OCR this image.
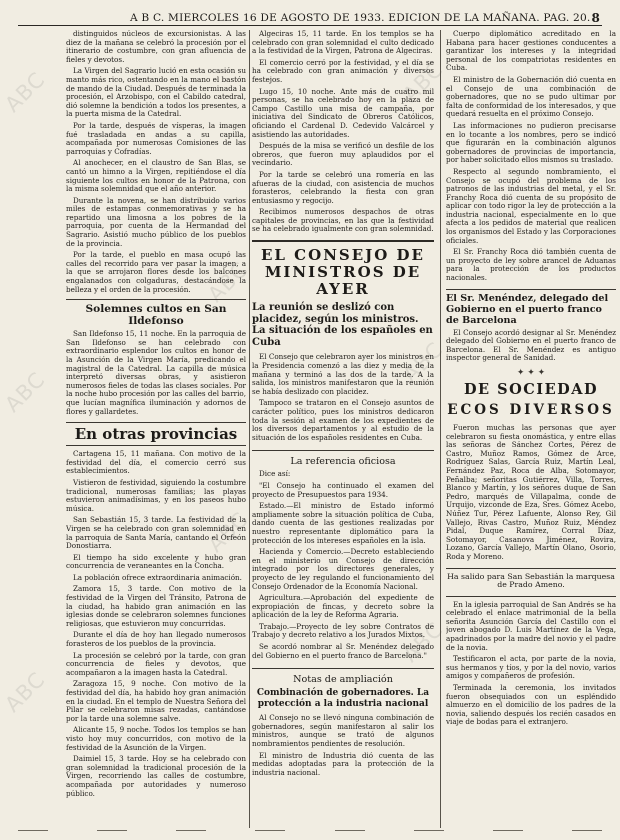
ABC
ABC
ABC
ABC
ABC
ABC
ABC
ABC
A B C. MIERCOLES 16 DE AGOSTO DE 1933. EDICION DE LA MAÑANA. PAG. 20. 8

distinguidos núcleos de excursionistas. A las diez de la mañana se celebró la procesión por el itinerario de costumbre, con gran afluencia de fieles y devotos.

La Virgen del Sagrario lució en esta ocasión su manto más rico, ostentando en la mano el bastón de mando de la Ciudad. Después de terminada la procesión, el Arzobispo, con el Cabildo catedral, dió solemne la bendición a todos los presentes, a la puerta misma de la Catedral.

Por la tarde, después de vísperas, la imagen fué trasladada en andas a su capilla, acompañada por numerosas Comisiones de las parroquias y Cofradías.

Al anochecer, en el claustro de San Blas, se cantó un himno a la Virgen, repitiéndose el día siguiente los cultos en honor de la Patrona, con la misma solemnidad que el año anterior.

Durante la novena, se han distribuido varios miles de estampas conmemorativas y se ha repartido una limosna a los pobres de la parroquia, por cuenta de la Hermandad del Sagrario. Asistió mucho público de los pueblos de la provincia.

Por la tarde, el pueblo en masa ocupó las calles del recorrido para ver pasar la imagen, a la que se arrojaron flores desde los balcones engalanados con colgaduras, destacándose la belleza y el orden de la procesión.

Solemnes cultos en San Ildefonso

San Ildefonso 15, 11 noche. En la parroquia de San Ildefonso se han celebrado con extraordinario esplendor los cultos en honor de la Asunción de la Virgen María, predicando el magistral de la Catedral. La capilla de música interpretó diversas obras, y asistieron numerosos fieles de todas las clases sociales. Por la noche hubo procesión por las calles del barrio, que lucían magnífica iluminación y adornos de flores y gallardetes.

En otras provincias

Cartagena 15, 11 mañana. Con motivo de la festividad del día, el comercio cerró sus establecimientos.

Vistieron de festividad, siguiendo la costumbre tradicional, numerosas familias; las playas estuvieron animadísimas, y en los paseos hubo música.

San Sebastián 15, 3 tarde. La festividad de la Virgen se ha celebrado con gran solemnidad en la parroquia de Santa María, cantando el Orfeón Donostiarra.

El tiempo ha sido excelente y hubo gran concurrencia de veraneantes en la Concha.

La población ofrece extraordinaria animación.

Zamora 15, 3 tarde. Con motivo de la festividad de la Virgen del Tránsito, Patrona de la ciudad, ha habido gran animación en las iglesias donde se celebraron solemnes funciones religiosas, que estuvieron muy concurridas.

Durante el día de hoy han llegado numerosos forasteros de los pueblos de la provincia.

La procesión se celebró por la tarde, con gran concurrencia de fieles y devotos, que acompañaron a la imagen hasta la Catedral.

Zaragoza 15, 9 noche. Con motivo de la festividad del día, ha habido hoy gran animación en la ciudad. En el templo de Nuestra Señora del Pilar se celebraron misas rezadas, cantándose por la tarde una solemne salve.

Alicante 15, 9 noche. Todos los templos se han visto hoy muy concurridos, con motivo de la festividad de la Asunción de la Virgen.

Daimiel 15, 3 tarde. Hoy se ha celebrado con gran solemnidad la tradicional procesión de la Virgen, recorriendo las calles de costumbre, acompañada por autoridades y numeroso público.

Algeciras 15, 11 tarde. En los templos se ha celebrado con gran solemnidad el culto dedicado a la festividad de la Virgen, Patrona de Algeciras.

El comercio cerró por la festividad, y el día se ha celebrado con gran animación y diversos festejos.

Lugo 15, 10 noche. Ante más de cuatro mil personas, se ha celebrado hoy en la plaza de Campo Castillo una misa de campaña, por iniciativa del Sindicato de Obreros Católicos, oficiando el Cardenal D. Cedevido Valcárcel y asistiendo las autoridades.

Después de la misa se verificó un desfile de los obreros, que fueron muy aplaudidos por el vecindario.

Por la tarde se celebró una romería en las afueras de la ciudad, con asistencia de muchos forasteros, celebrando la fiesta con gran entusiasmo y regocijo.

Recibimos numerosos despachos de otras capitales de provincias, en las que la festividad se ha celebrado igualmente con gran solemnidad.

EL CONSEJO DE MINISTROS DE AYER
La reunión se deslizó con placidez, según los ministros. La situación de los españoles en Cuba

El Consejo que celebraron ayer los ministros en la Presidencia comenzó a las diez y media de la mañana y terminó a las dos de la tarde. A la salida, los ministros manifestaron que la reunión se había deslizado con placidez.

Tampoco se trataron en el Consejo asuntos de carácter político, pues los ministros dedicaron toda la sesión al examen de los expedientes de los diversos departamentos y al estudio de la situación de los españoles residentes en Cuba.

La referencia oficiosa

Dice así:

"El Consejo ha continuado el examen del proyecto de Presupuestos para 1934.

Estado.—El ministro de Estado informó ampliamente sobre la situación política de Cuba, dando cuenta de las gestiones realizadas por nuestro representante diplomático para la protección de los intereses españoles en la isla.

Hacienda y Comercio.—Decreto estableciendo en el ministerio un Consejo de dirección integrado por los directores generales, y proyecto de ley regulando el funcionamiento del Consejo Ordenador de la Economía Nacional.

Agricultura.—Aprobación del expediente de expropiación de fincas, y decreto sobre la aplicación de la ley de Reforma Agraria.

Trabajo.—Proyecto de ley sobre Contratos de Trabajo y decreto relativo a los Jurados Mixtos.

Se acordó nombrar al Sr. Menéndez delegado del Gobierno en el puerto franco de Barcelona."

Notas de ampliación
Combinación de gobernadores. La protección a la industria nacional

Al Consejo no se llevó ninguna combinación de gobernadores, según manifestaron al salir los ministros, aunque se trató de algunos nombramientos pendientes de resolución.

El ministro de Industria dió cuenta de las medidas adoptadas para la protección de la industria nacional.

Cuerpo diplomático acreditado en la Habana para hacer gestiones conducentes a garantizar los intereses y la integridad personal de los compatriotas residentes en Cuba.

El ministro de la Gobernación dió cuenta en el Consejo de una combinación de gobernadores, que no se pudo ultimar por falta de conformidad de los interesados, y que quedará resuelta en el próximo Consejo.

Las informaciones no pudieron precisarse en lo tocante a los nombres, pero se indicó que figurarán en la combinación algunos gobernadores de provincias de importancia, por haber solicitado ellos mismos su traslado.

Respecto al segundo nombramiento, el Consejo se ocupó del problema de los patronos de las industrias del metal, y el Sr. Franchy Roca dió cuenta de su propósito de aplicar con todo rigor la ley de protección a la industria nacional, especialmente en lo que afecta a los pedidos de material que realicen los organismos del Estado y las Corporaciones oficiales.

El Sr. Franchy Roca dió también cuenta de un proyecto de ley sobre arancel de Aduanas para la protección de los productos nacionales.

El Sr. Menéndez, delegado del Gobierno en el puerto franco de Barcelona

El Consejo acordó designar al Sr. Menéndez delegado del Gobierno en el puerto franco de Barcelona. El Sr. Menéndez es antiguo inspector general de Sanidad.

✦ ✦ ✦
DE SOCIEDAD
ECOS DIVERSOS

Fueron muchas las personas que ayer celebraron su fiesta onomástica, y entre ellas las señoras de Sánchez Cortes, Pérez de Castro, Muñoz Ramos, Gómez de Arce, Rodríguez Salas, García Ruiz, Martín Leal, Fernández Paz, Roca de Alba, Sotomayor, Peñalba; señoritas Gutiérrez, Villa, Torres, Blanco y Martín, y los señores duque de San Pedro, marqués de Villapalma, conde de Urquijo, vizconde de Eza, Sres. Gómez Acebo, Núñez Tur, Pérez Lafuente, Alonso Rey, Gil Vallejo, Rivas Castro, Muñoz Ruiz, Méndez Pidal, Duque Ramírez, Corral Díaz, Sotomayor, Casanova Jiménez, Rovira, Lozano, García Vallejo, Martín Olano, Osorio, Roda y Moreno.

Ha salido para San Sebastián la marquesa de Prado Ameno.

En la iglesia parroquial de San Andrés se ha celebrado el enlace matrimonial de la bella señorita Asunción García del Castillo con el joven abogado D. Luis Martínez de la Vega, apadrinados por la madre del novio y el padre de la novia.

Testificaron el acta, por parte de la novia, sus hermanos y tíos, y por la del novio, varios amigos y compañeros de profesión.

Terminada la ceremonia, los invitados fueron obsequiados con un espléndido almuerzo en el domicilio de los padres de la novia, saliendo después los recién casados en viaje de bodas para el extranjero.
